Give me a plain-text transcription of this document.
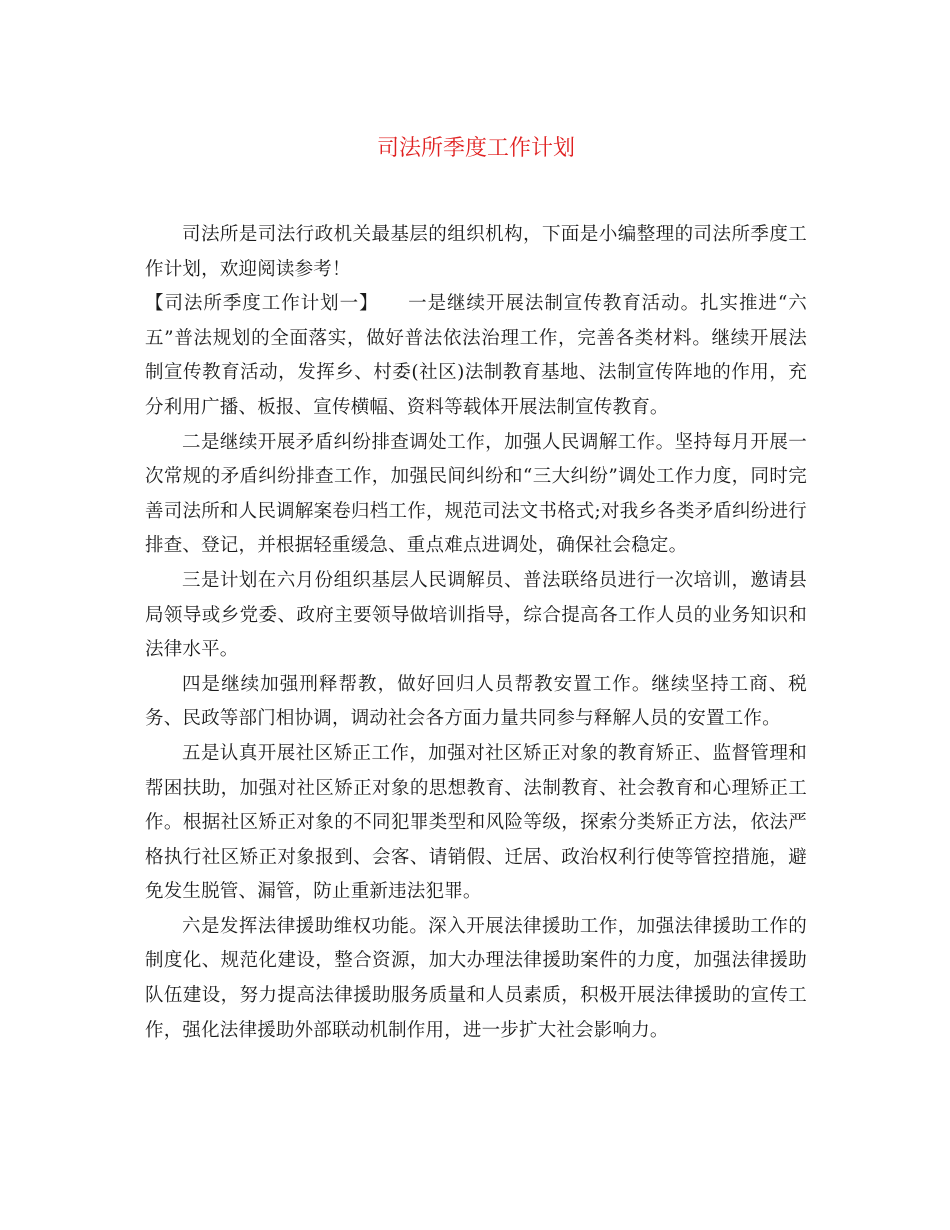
司法所季度工作计划

司法所是司法行政机关最基层的组织机构，下面是小编整理的司法所季度工作计划，欢迎阅读参考！

【司法所季度工作计划一】 一是继续开展法制宣传教育活动。扎实推进“六五”普法规划的全面落实，做好普法依法治理工作，完善各类材料。继续开展法制宣传教育活动，发挥乡、村委(社区)法制教育基地、法制宣传阵地的作用，充分利用广播、板报、宣传横幅、资料等载体开展法制宣传教育。

二是继续开展矛盾纠纷排查调处工作，加强人民调解工作。坚持每月开展一次常规的矛盾纠纷排查工作，加强民间纠纷和“三大纠纷”调处工作力度，同时完善司法所和人民调解案卷归档工作，规范司法文书格式;对我乡各类矛盾纠纷进行排查、登记，并根据轻重缓急、重点难点进调处，确保社会稳定。

三是计划在六月份组织基层人民调解员、普法联络员进行一次培训，邀请县局领导或乡党委、政府主要领导做培训指导，综合提高各工作人员的业务知识和法律水平。

四是继续加强刑释帮教，做好回归人员帮教安置工作。继续坚持工商、税务、民政等部门相协调，调动社会各方面力量共同参与释解人员的安置工作。

五是认真开展社区矫正工作，加强对社区矫正对象的教育矫正、监督管理和帮困扶助，加强对社区矫正对象的思想教育、法制教育、社会教育和心理矫正工作。根据社区矫正对象的不同犯罪类型和风险等级，探索分类矫正方法，依法严格执行社区矫正对象报到、会客、请销假、迁居、政治权利行使等管控措施，避免发生脱管、漏管，防止重新违法犯罪。

六是发挥法律援助维权功能。深入开展法律援助工作，加强法律援助工作的制度化、规范化建设，整合资源，加大办理法律援助案件的力度，加强法律援助队伍建设，努力提高法律援助服务质量和人员素质，积极开展法律援助的宣传工作，强化法律援助外部联动机制作用，进一步扩大社会影响力。
